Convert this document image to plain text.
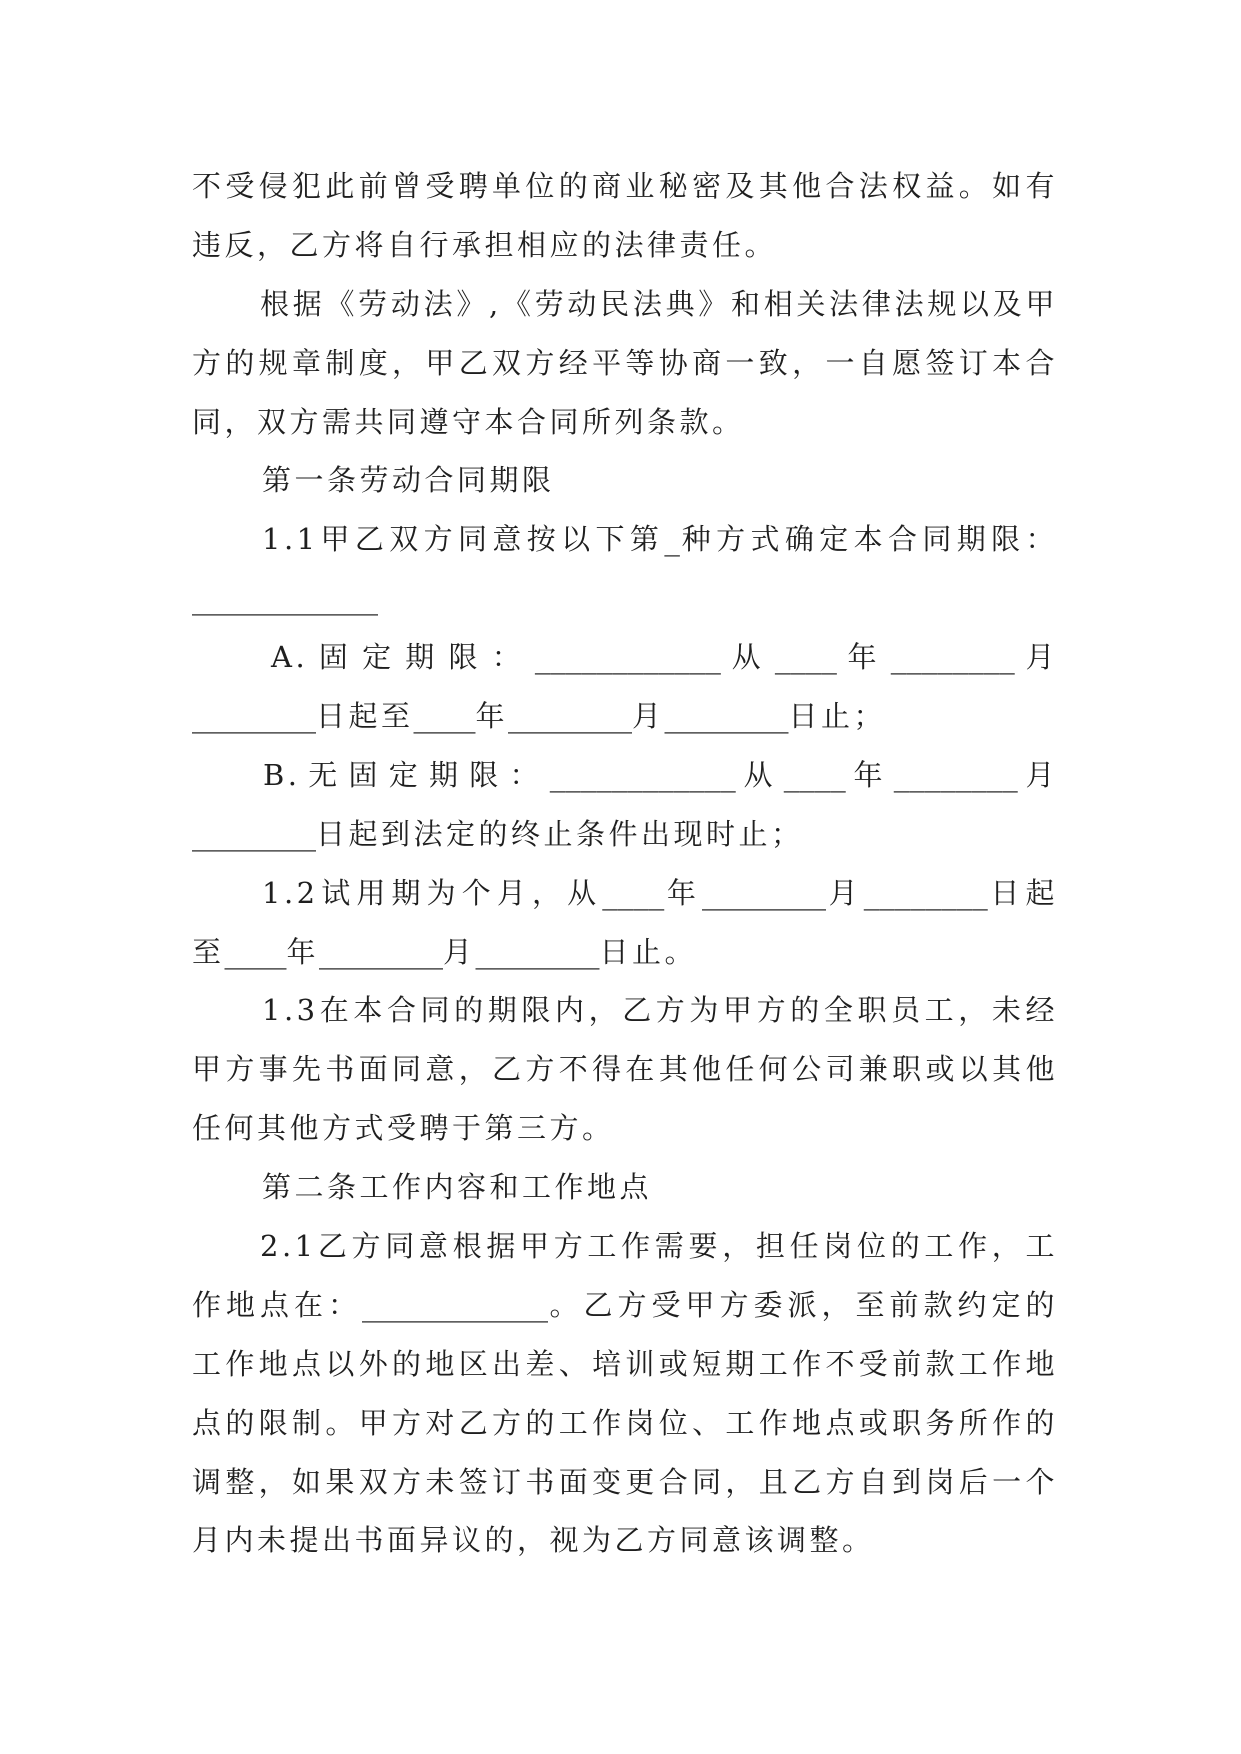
不受侵犯此前曾受聘单位的商业秘密及其他合法权益。如有
违反，乙方将自行承担相应的法律责任。
根据《劳动法》,《劳动民法典》和相关法律法规以及甲
方的规章制度，甲乙双方经平等协商一致，一自愿签订本合
同，双方需共同遵守本合同所列条款。
第一条劳动合同期限
1.1甲乙双方同意按以下第_种方式确定本合同期限：
____________
A.固定期限：____________从____年________月
________日起至____年________月________日止；
B.无固定期限：____________从____年________月
________日起到法定的终止条件出现时止；
1.2试用期为个月，从____年________月________日起
至____年________月________日止。
1.3在本合同的期限内，乙方为甲方的全职员工，未经
甲方事先书面同意，乙方不得在其他任何公司兼职或以其他
任何其他方式受聘于第三方。
第二条工作内容和工作地点
2.1乙方同意根据甲方工作需要，担任岗位的工作，工
作地点在：____________。乙方受甲方委派，至前款约定的
工作地点以外的地区出差、培训或短期工作不受前款工作地
点的限制。甲方对乙方的工作岗位、工作地点或职务所作的
调整，如果双方未签订书面变更合同，且乙方自到岗后一个
月内未提出书面异议的，视为乙方同意该调整。
